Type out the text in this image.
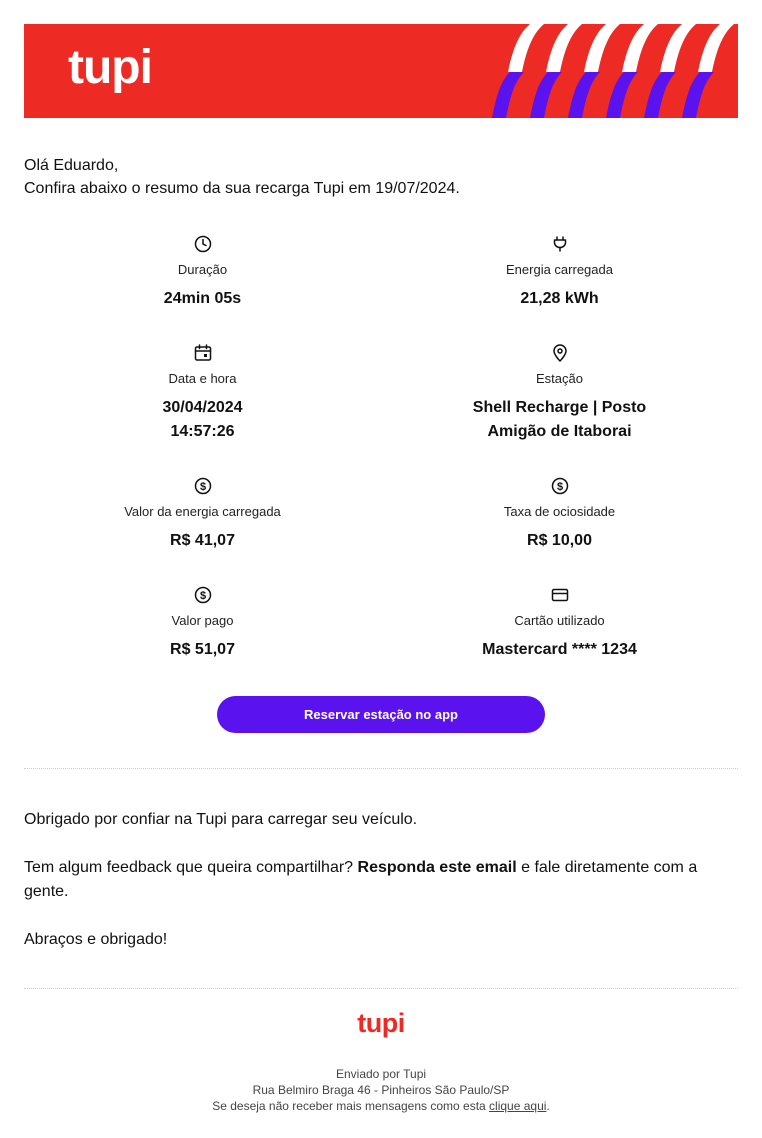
tupi
Olá Eduardo,
Confira abaixo o resumo da sua recarga Tupi em 19/07/2024.
Duração
24min 05s
Energia carregada
21,28 kWh
Data e hora
30/04/2024
14:57:26
Estação
Shell Recharge | Posto
Amigão de Itaborai
$
Valor da energia carregada
R$ 41,07
$
Taxa de ociosidade
R$ 10,00
$
Valor pago
R$ 51,07
Cartão utilizado
Mastercard **** 1234
Reservar estação no app
Obrigado por confiar na Tupi para carregar seu veículo.
Tem algum feedback que queira compartilhar? Responda este email e fale diretamente com a gente.
Abraços e obrigado!
tupi
Enviado por Tupi
Rua Belmiro Braga 46 - Pinheiros São Paulo/SP
Se deseja não receber mais mensagens como esta clique aqui.
